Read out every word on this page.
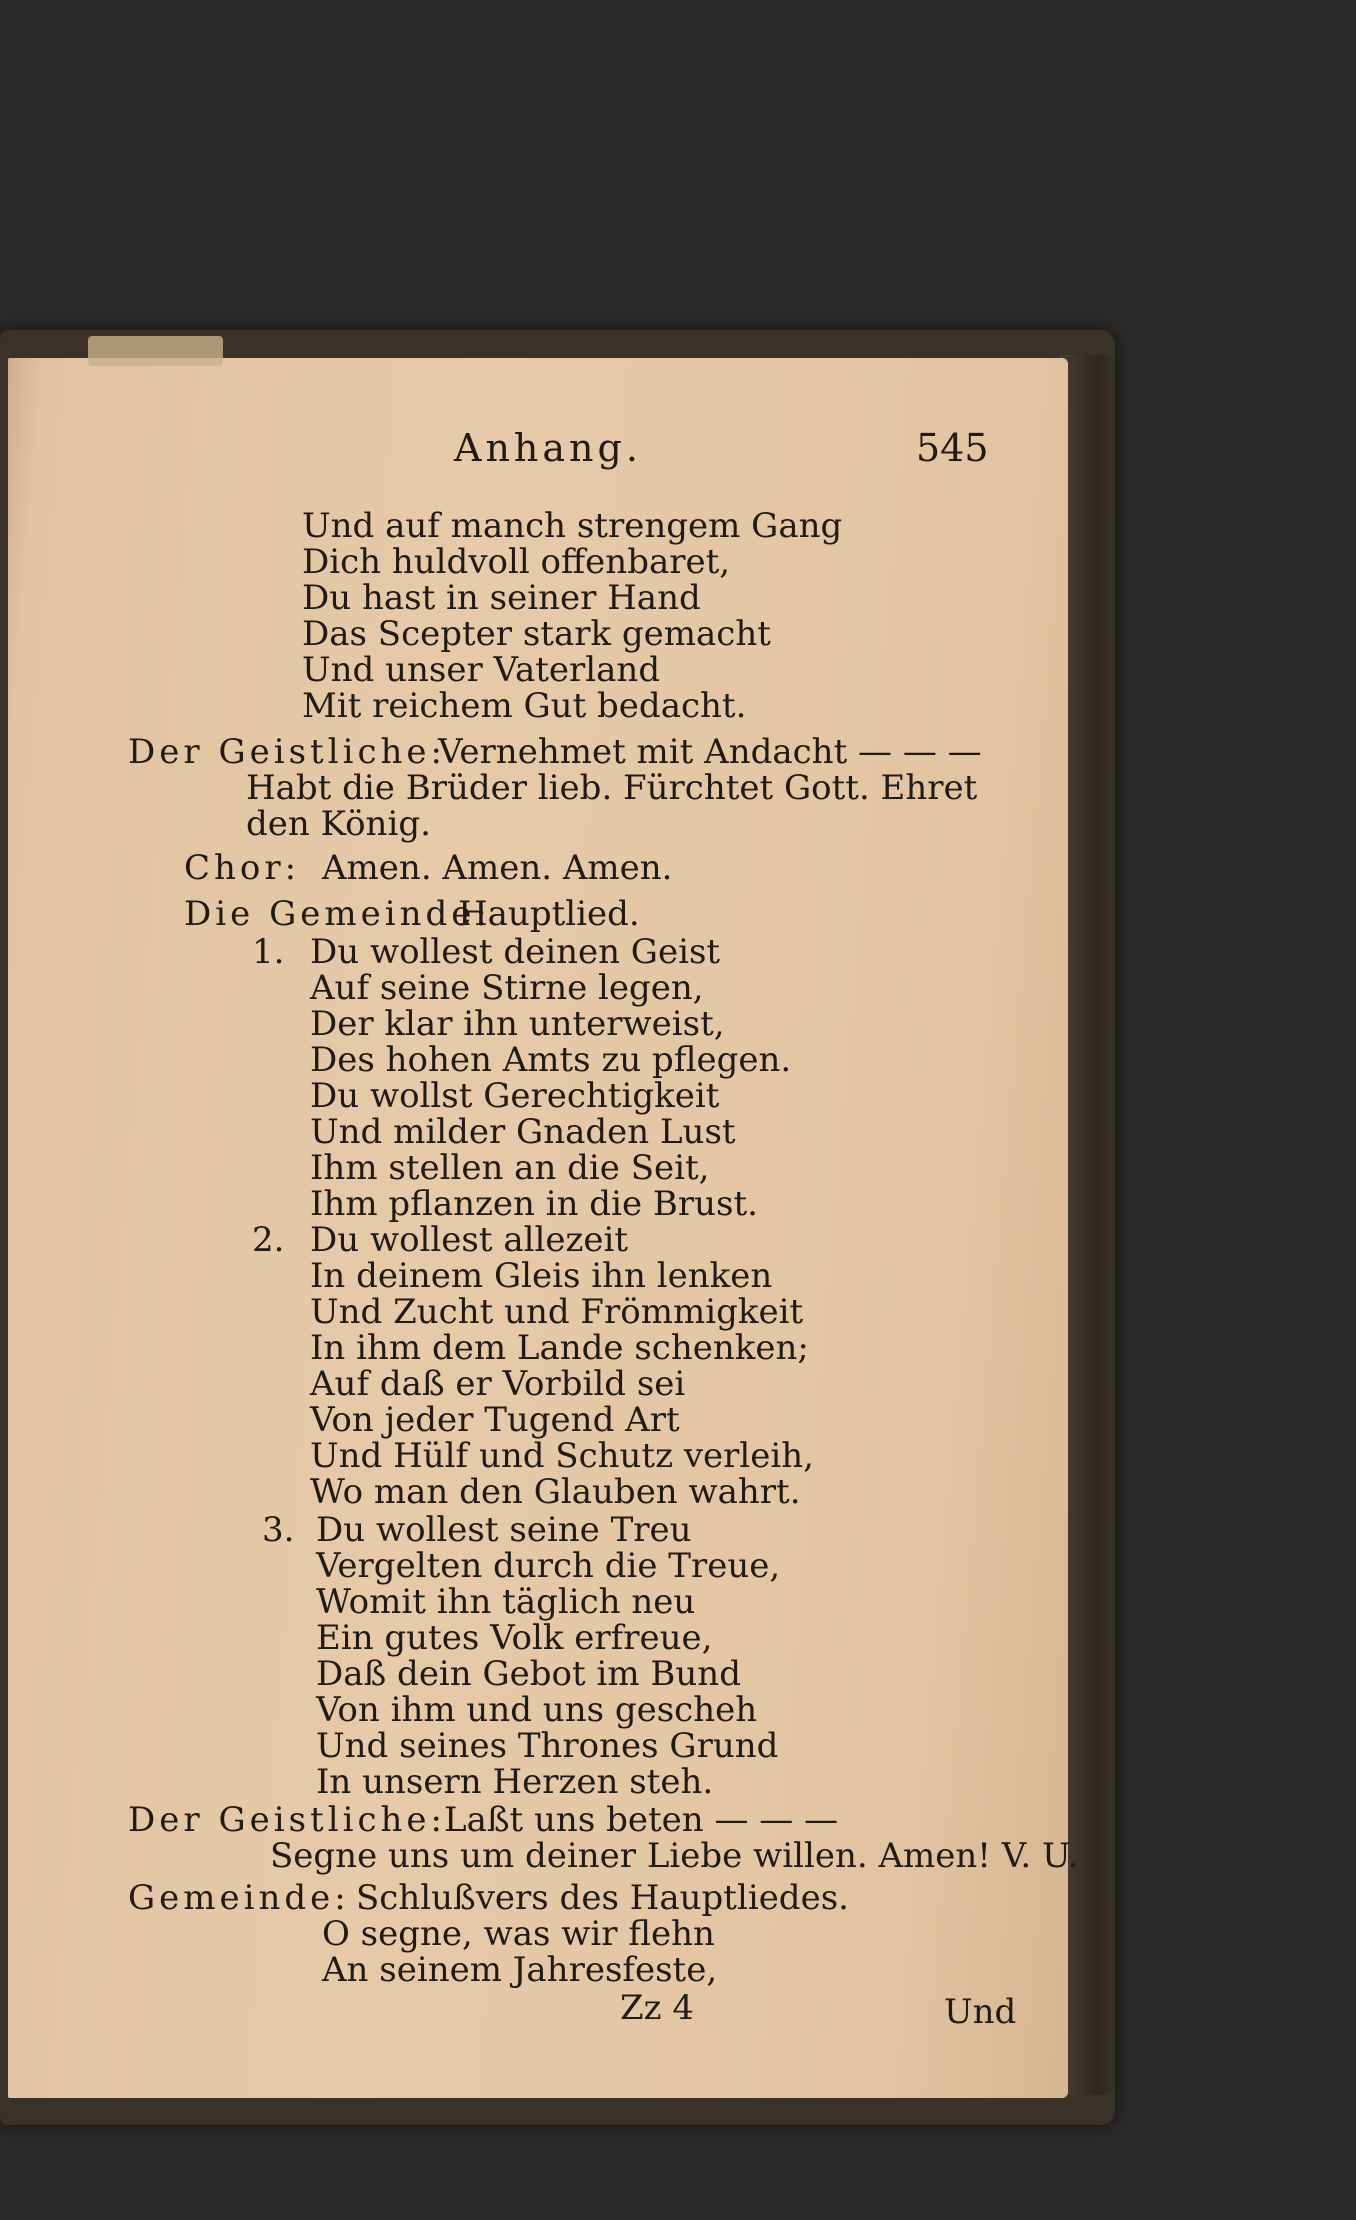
Anhang.	545
Und auf manch strengem Gang
Dich huldvoll offenbaret,
Du hast in seiner Hand
Das Scepter stark gemacht
Und unser Vaterland
Mit reichem Gut bedacht.
Der Geistliche:
Vernehmet mit Andacht — — —
Habt die Brüder lieb. Fürchtet Gott. Ehret
den König.
Chor: Amen. Amen. Amen.
Die Gemeinde:
Hauptlied.
1. Du wollest deinen Geist
Auf seine Stirne legen,
Der klar ihn unterweist,
Des hohen Amts zu pflegen.
Du wollst Gerechtigkeit
Und milder Gnaden Lust
Ihm stellen an die Seit,
Ihm pflanzen in die Brust.
2. Du wollest allezeit
In deinem Gleis ihn lenken
Und Zucht und Frömmigkeit
In ihm dem Lande schenken;
Auf daß er Vorbild sei
Von jeder Tugend Art
Und Hülf und Schutz verleih,
Wo man den Glauben wahrt.
3. Du wollest seine Treu
Vergelten durch die Treue,
Womit ihn täglich neu
Ein gutes Volk erfreue,
Daß dein Gebot im Bund
Von ihm und uns gescheh
Und seines Thrones Grund
In unsern Herzen steh.
Der Geistliche:
Laßt uns beten — — —
Segne uns um deiner Liebe willen. Amen! V. U.
Gemeinde: Schlußvers des Hauptliedes.
O segne, was wir flehn
An seinem Jahresfeste,
Zz 4	Und
